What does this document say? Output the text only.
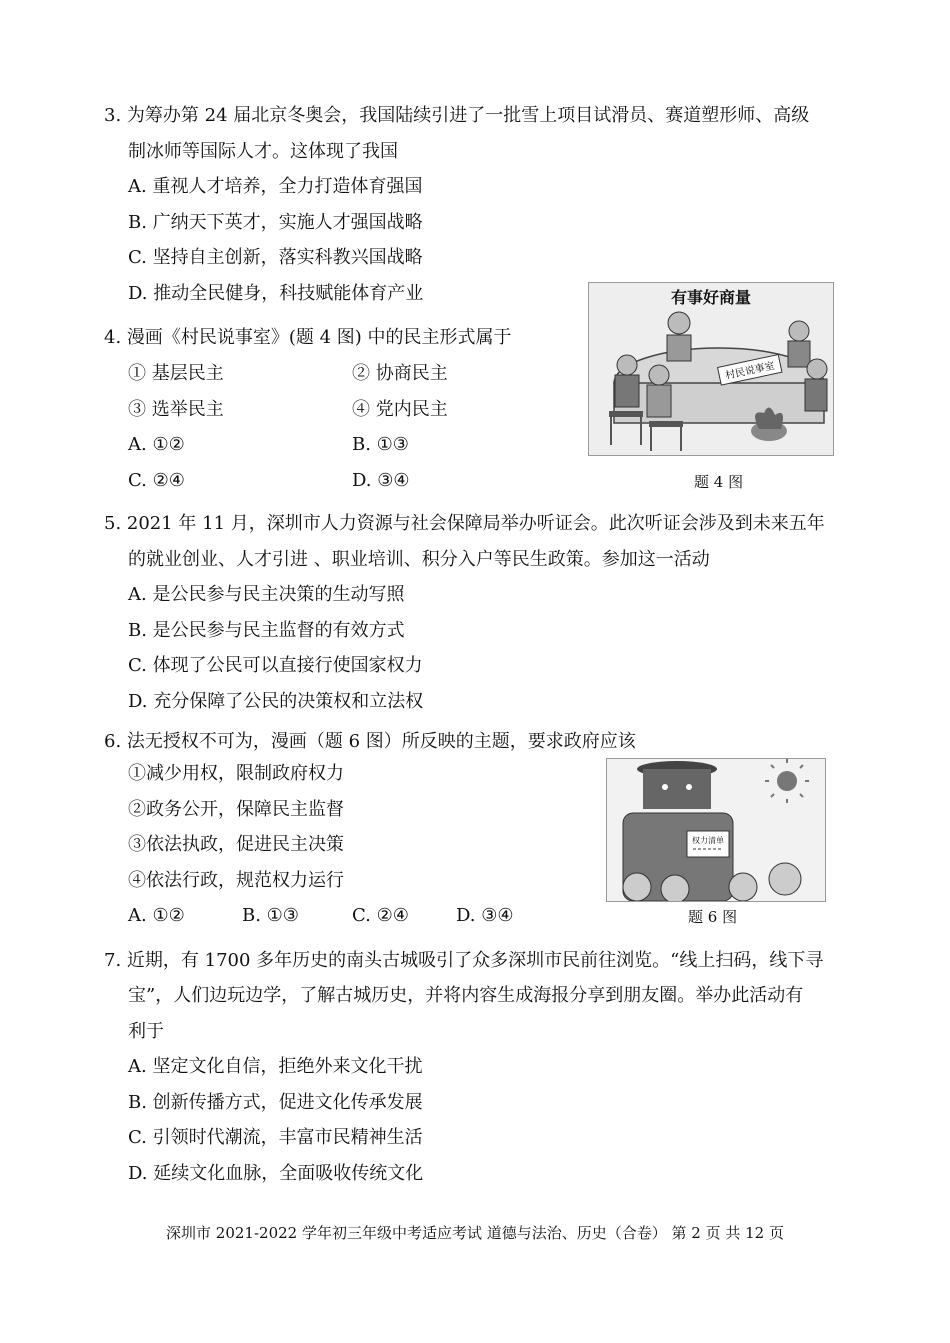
3. 为筹办第 24 届北京冬奥会，我国陆续引进了一批雪上项目试滑员、赛道塑形师、高级
制冰师等国际人才。这体现了我国
A. 重视人才培养，全力打造体育强国
B. 广纳天下英才，实施人才强国战略
C. 坚持自主创新，落实科教兴国战略
D. 推动全民健身，科技赋能体育产业
4. 漫画《村民说事室》(题 4 图) 中的民主形式属于
① 基层民主	② 协商民主
③ 选举民主	④ 党内民主
A. ①②	B. ①③
C. ②④	D. ③④
有事好商量
村民说事室
题 4 图
5. 2021 年 11 月，深圳市人力资源与社会保障局举办听证会。此次听证会涉及到未来五年
的就业创业、人才引进 、职业培训、积分入户等民生政策。参加这一活动
A. 是公民参与民主决策的生动写照
B. 是公民参与民主监督的有效方式
C. 体现了公民可以直接行使国家权力
D. 充分保障了公民的决策权和立法权
6. 法无授权不可为，漫画（题 6 图）所反映的主题，要求政府应该
①减少用权，限制政府权力
②政务公开，保障民主监督
③依法执政，促进民主决策
④依法行政，规范权力运行
A. ①②	B. ①③	C. ②④	D. ③④
权力清单
题 6 图
7. 近期，有 1700 多年历史的南头古城吸引了众多深圳市民前往浏览。“线上扫码，线下寻
宝”，人们边玩边学，了解古城历史，并将内容生成海报分享到朋友圈。举办此活动有
利于
A. 坚定文化自信，拒绝外来文化干扰
B. 创新传播方式，促进文化传承发展
C. 引领时代潮流，丰富市民精神生活
D. 延续文化血脉，全面吸收传统文化
深圳市 2021-2022 学年初三年级中考适应考试 道德与法治、历史（合卷） 第 2 页 共 12 页
